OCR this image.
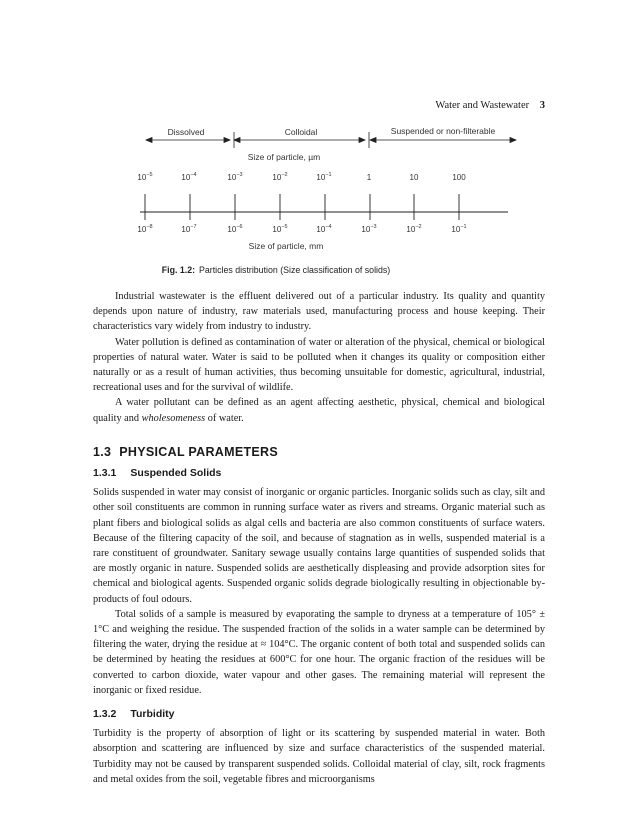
Water and Wastewater 3
Dissolved	Colloidal	Suspended or non-filterable
Size of particle, µm
$10^{-5}$	$10^{-4}$	$10^{-3}$	$10^{-2}$	$10^{-1}$	1	10	100
$10^{-8}$	$10^{-7}$	$10^{-6}$	$10^{-5}$	$10^{-4}$	$10^{-3}$	$10^{-2}$	$10^{-1}$
Size of particle, mm
Fig. 1.2: Particles distribution (Size classification of solids)

Industrial wastewater is the effluent delivered out of a particular industry. Its quality and quantity depends upon nature of industry, raw materials used, manufacturing process and house keeping. Their characteristics vary widely from industry to industry.

Water pollution is defined as contamination of water or alteration of the physical, chemical or biological properties of natural water. Water is said to be polluted when it changes its quality or composition either naturally or as a result of human activities, thus becoming unsuitable for domestic, agricultural, industrial, recreational uses and for the survival of wildlife.

A water pollutant can be defined as an agent affecting aesthetic, physical, chemical and biological quality and wholesomeness of water.

1.3 PHYSICAL PARAMETERS
1.3.1 Suspended Solids

Solids suspended in water may consist of inorganic or organic particles. Inorganic solids such as clay, silt and other soil constituents are common in running surface water as rivers and streams. Organic material such as plant fibers and biological solids as algal cells and bacteria are also common constituents of surface waters. Because of the filtering capacity of the soil, and because of stagnation as in wells, suspended material is a rare constituent of groundwater. Sanitary sewage usually contains large quantities of suspended solids that are mostly organic in nature. Suspended solids are aesthetically displeasing and provide adsorption sites for chemical and biological agents. Suspended organic solids degrade biologically resulting in objectionable by-products of foul odours.

Total solids of a sample is measured by evaporating the sample to dryness at a temperature of 105° ± 1°C and weighing the residue. The suspended fraction of the solids in a water sample can be determined by filtering the water, drying the residue at ≈ 104°C. The organic content of both total and suspended solids can be determined by heating the residues at 600°C for one hour. The organic fraction of the residues will be converted to carbon dioxide, water vapour and other gases. The remaining material will represent the inorganic or fixed residue.

1.3.2 Turbidity

Turbidity is the property of absorption of light or its scattering by suspended material in water. Both absorption and scattering are influenced by size and surface characteristics of the suspended material. Turbidity may not be caused by transparent suspended solids. Colloidal material of clay, silt, rock fragments and metal oxides from the soil, vegetable fibres and microorganisms
